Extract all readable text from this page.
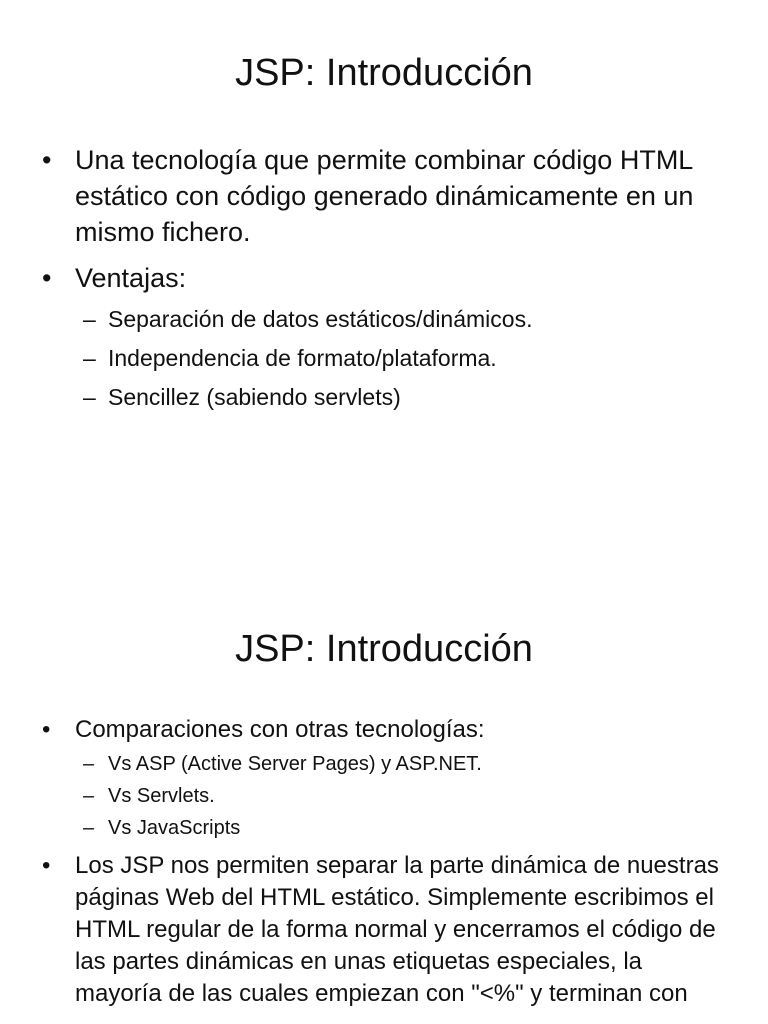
JSP: Introducción
• Una tecnología que permite combinar código HTML estático con código generado dinámicamente en un mismo fichero.
• Ventajas:
– Separación de datos estáticos/dinámicos.
– Independencia de formato/plataforma.
– Sencillez (sabiendo servlets)
JSP: Introducción
• Comparaciones con otras tecnologías:
– Vs ASP (Active Server Pages) y ASP.NET.
– Vs Servlets.
– Vs JavaScripts
• Los JSP nos permiten separar la parte dinámica de nuestras páginas Web del HTML estático. Simplemente escribimos el HTML regular de la forma normal y encerramos el código de las partes dinámicas en unas etiquetas especiales, la mayoría de las cuales empiezan con "<%" y terminan con
